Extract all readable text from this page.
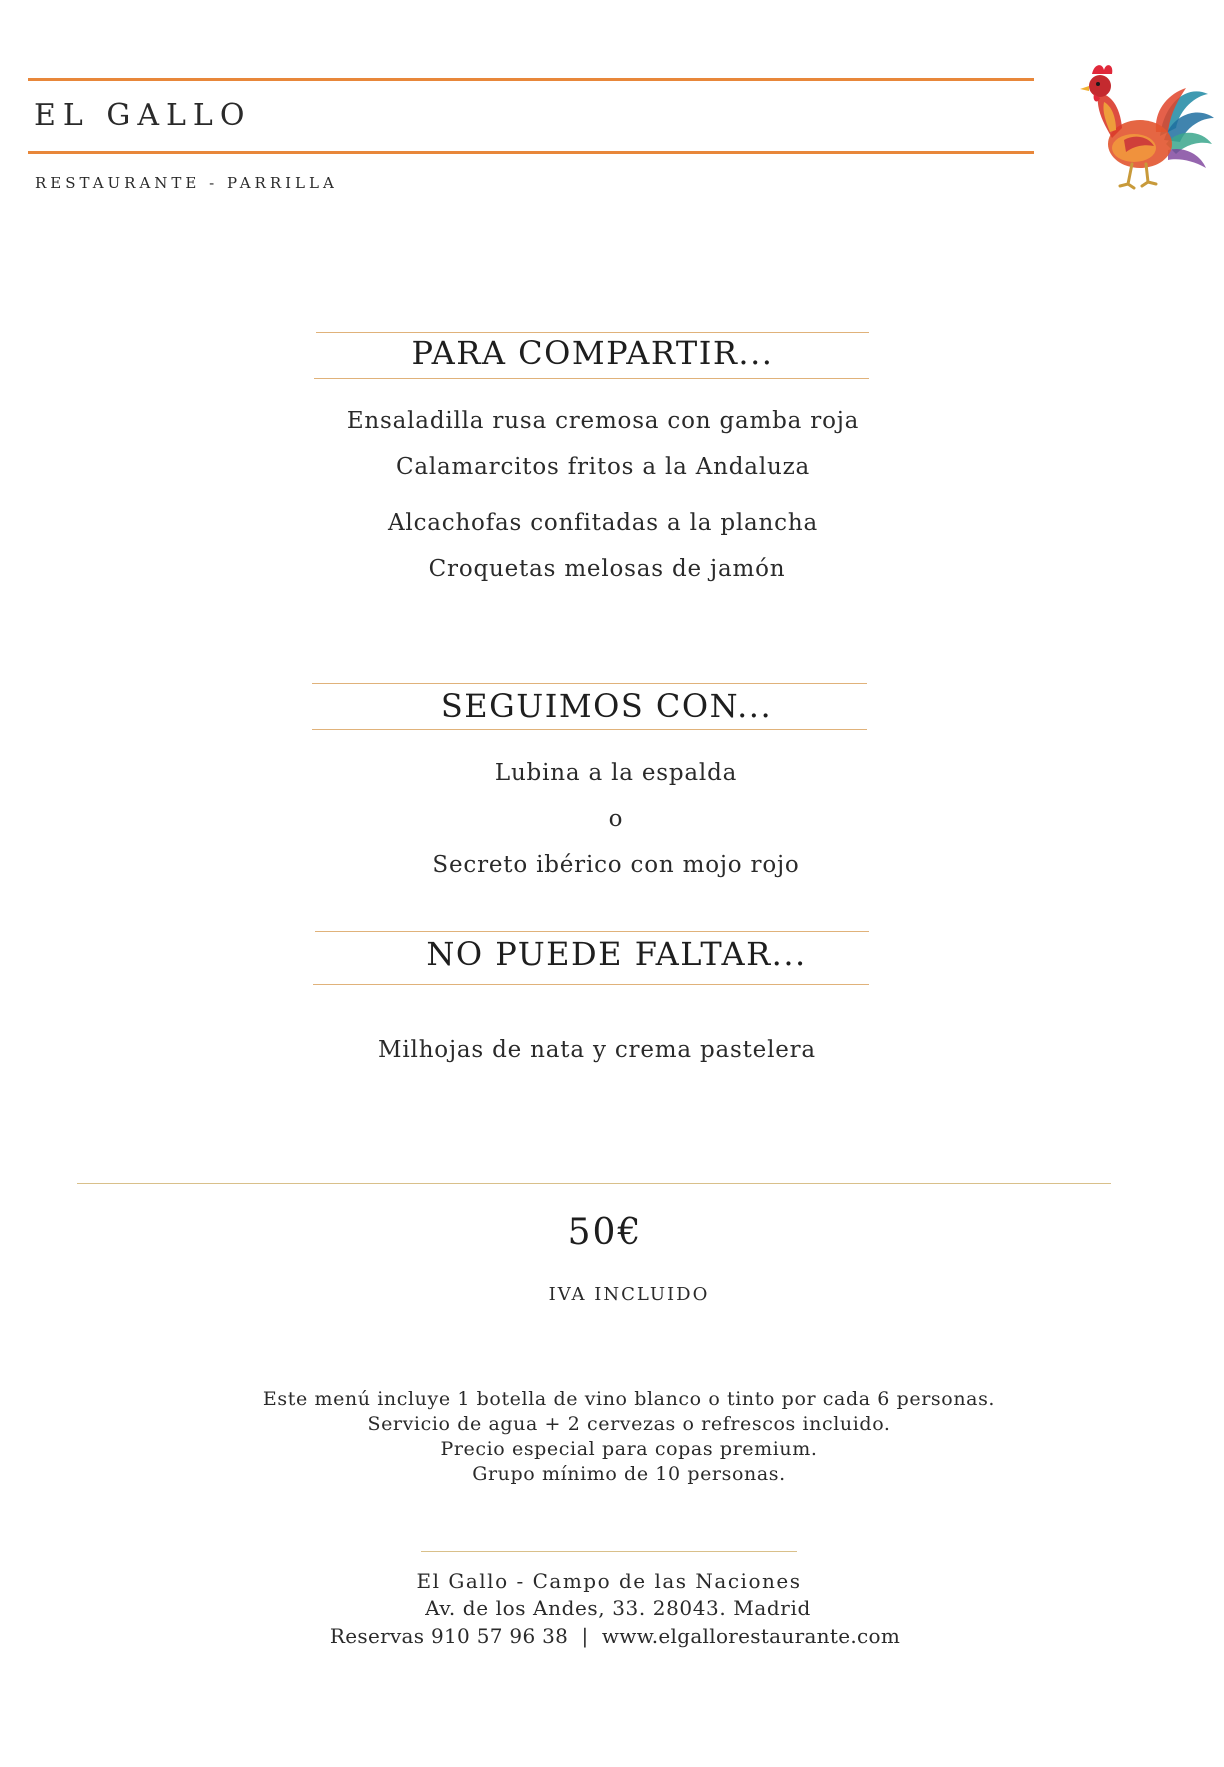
EL GALLO
RESTAURANTE - PARRILLA
PARA COMPARTIR...
Ensaladilla rusa cremosa con gamba roja
Calamarcitos fritos a la Andaluza
Alcachofas confitadas a la plancha
Croquetas melosas de jamón
SEGUIMOS CON...
Lubina a la espalda
o
Secreto ibérico con mojo rojo
NO PUEDE FALTAR...
Milhojas de nata y crema pastelera
50€
IVA INCLUIDO
Este menú incluye 1 botella de vino blanco o tinto por cada 6 personas.
Servicio de agua + 2 cervezas o refrescos incluido.
Precio especial para copas premium.
Grupo mínimo de 10 personas.
El Gallo - Campo de las Naciones
Av. de los Andes, 33. 28043. Madrid
Reservas 910 57 96 38  |  www.elgallorestaurante.com
